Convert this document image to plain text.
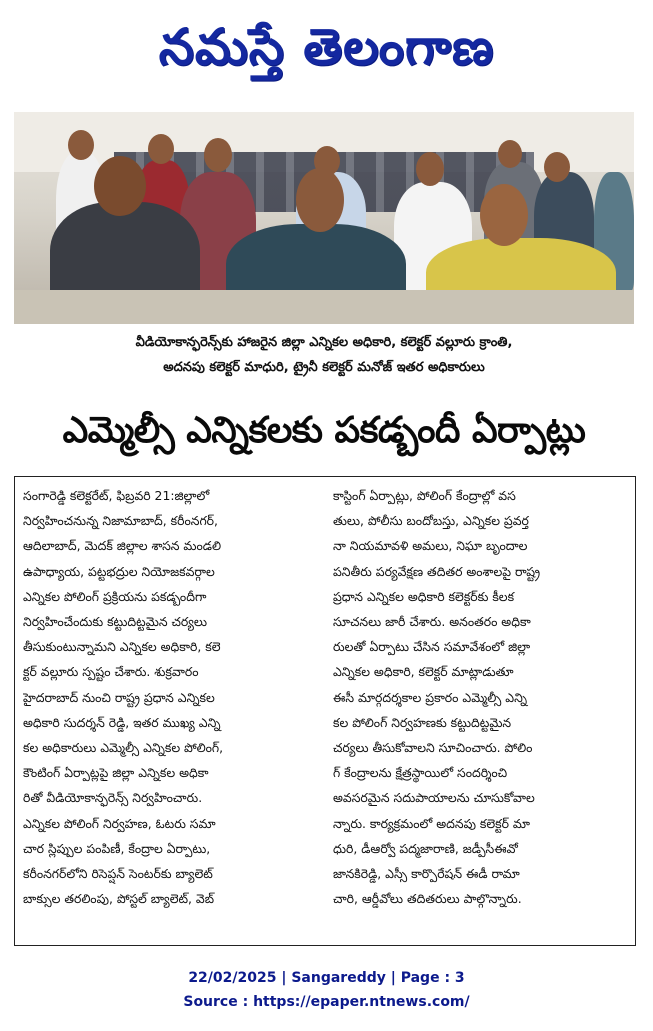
నమస్తే తెలంగాణ
వీడియోకాన్ఫరెన్స్‌కు హాజరైన జిల్లా ఎన్నికల అధికారి, కలెక్టర్ వల్లూరు క్రాంతి,
అదనపు కలెక్టర్ మాధురి, ట్రైనీ కలెక్టర్ మనోజ్ ఇతర అధికారులు
ఎమ్మెల్సీ ఎన్నికలకు పకడ్బందీ ఏర్పాట్లు
సంగారెడ్డి కలెక్టరేట్, ఫిబ్రవరి 21:జిల్లాలో
నిర్వహించనున్న నిజామాబాద్, కరీంనగర్,
ఆదిలాబాద్, మెదక్ జిల్లాల శాసన మండలి
ఉపాధ్యాయ, పట్టభద్రుల నియోజకవర్గాల
ఎన్నికల పోలింగ్ ప్రక్రియను పకడ్బందీగా
నిర్వహించేందుకు కట్టుదిట్టమైన చర్యలు
తీసుకుంటున్నామని ఎన్నికల అధికారి, కలె
క్టర్ వల్లూరు స్పష్టం చేశారు. శుక్రవారం
హైదరాబాద్ నుంచి రాష్ట్ర ప్రధాన ఎన్నికల
అధికారి సుదర్శన్ రెడ్డి, ఇతర ముఖ్య ఎన్ని
కల అధికారులు ఎమ్మెల్సీ ఎన్నికల పోలింగ్,
కౌంటింగ్ ఏర్పాట్లపై జిల్లా ఎన్నికల అధికా
రితో వీడియోకాన్ఫరెన్స్ నిర్వహించారు.
ఎన్నికల పోలింగ్ నిర్వహణ, ఓటరు సమా
చార స్లిప్పుల పంపిణీ, కేంద్రాల ఏర్పాటు,
కరీంనగర్‌లోని రిసెప్షన్ సెంటర్‌కు బ్యాలెట్
బాక్సుల తరలింపు, పోస్టల్ బ్యాలెట్, వెబ్
కాస్టింగ్ ఏర్పాట్లు, పోలింగ్ కేంద్రాల్లో వస
తులు, పోలీసు బందోబస్తు, ఎన్నికల ప్రవర్త
నా నియమావళి అమలు, నిఘా బృందాల
పనితీరు పర్యవేక్షణ తదితర అంశాలపై రాష్ట్ర
ప్రధాన ఎన్నికల అధికారి కలెక్టర్‌కు కీలక
సూచనలు జారీ చేశారు. అనంతరం అధికా
రులతో ఏర్పాటు చేసిన సమావేశంలో జిల్లా
ఎన్నికల అధికారి, కలెక్టర్ మాట్లాడుతూ
ఈసీ మార్గదర్శకాల ప్రకారం ఎమ్మెల్సీ ఎన్ని
కల పోలింగ్ నిర్వహణకు కట్టుదిట్టమైన
చర్యలు తీసుకోవాలని సూచించారు. పోలిం
గ్ కేంద్రాలను క్షేత్రస్థాయిలో సందర్శించి
అవసరమైన సదుపాయాలను చూసుకోవాల
న్నారు. కార్యక్రమంలో అదనపు కలెక్టర్ మా
ధురి, డీఆర్వో పద్మజారాణి, జడ్పీసీఈవో
జానకిరెడ్డి, ఎస్సీ కార్పొరేషన్ ఈడీ రామా
చారి, ఆర్డీవోలు తదితరులు పాల్గొన్నారు.
22/02/2025 | Sangareddy | Page : 3
Source : https://epaper.ntnews.com/
